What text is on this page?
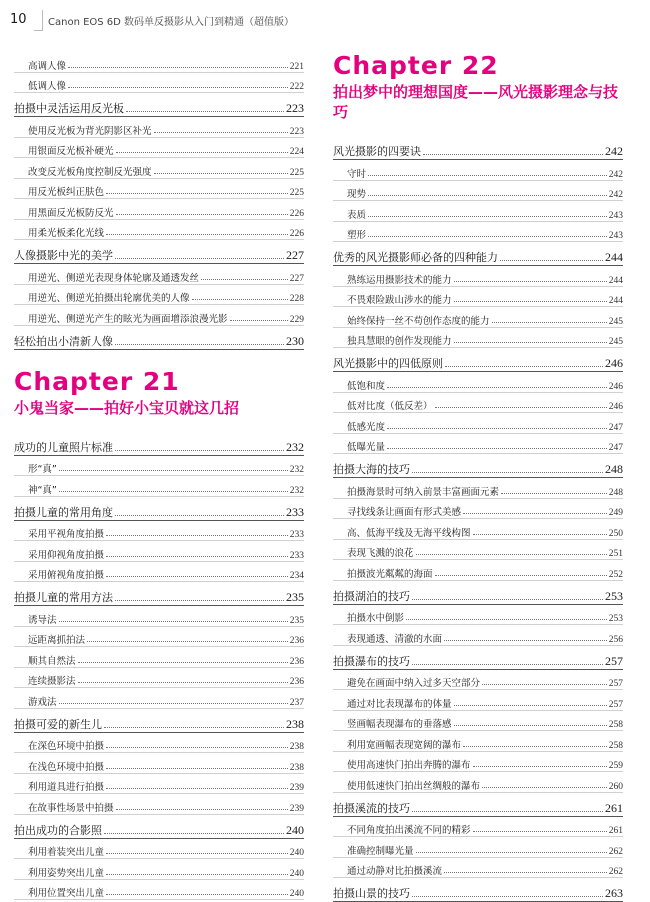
10 Canon EOS 6D 数码单反摄影从入门到精通（超值版）
高调人像	221
低调人像	222
拍摄中灵活运用反光板	223
使用反光板为背光阴影区补光	223
用银面反光板补硬光	224
改变反光板角度控制反光强度	225
用反光板纠正肤色	225
用黑面反光板防反光	226
用柔光板柔化光线	226
人像摄影中光的美学	227
用逆光、侧逆光表现身体轮廓及通透发丝	227
用逆光、侧逆光拍摄出轮廓优美的人像	228
用逆光、侧逆光产生的眩光为画面增添浪漫光影	229
轻松拍出小清新人像	230
Chapter 21
小鬼当家——拍好小宝贝就这几招
成功的儿童照片标准	232
形“真”	232
神“真”	232
拍摄儿童的常用角度	233
采用平视角度拍摄	233
采用仰视角度拍摄	233
采用俯视角度拍摄	234
拍摄儿童的常用方法	235
诱导法	235
远距离抓拍法	236
顺其自然法	236
连续摄影法	236
游戏法	237
拍摄可爱的新生儿	238
在深色环境中拍摄	238
在浅色环境中拍摄	238
利用道具进行拍摄	239
在故事性场景中拍摄	239
拍出成功的合影照	240
利用着装突出儿童	240
利用姿势突出儿童	240
利用位置突出儿童	240
Chapter 22
拍出梦中的理想国度——风光摄影理念与技巧
风光摄影的四要诀	242
守时	242
现势	242
表质	243
塑形	243
优秀的风光摄影师必备的四种能力	244
熟练运用摄影技术的能力	244
不畏艰险跋山涉水的能力	244
始终保持一丝不苟创作态度的能力	245
独具慧眼的创作发现能力	245
风光摄影中的四低原则	246
低饱和度	246
低对比度（低反差）	246
低感光度	247
低曝光量	247
拍摄大海的技巧	248
拍摄海景时可纳入前景丰富画面元素	248
寻找线条让画面有形式美感	249
高、低海平线及无海平线构图	250
表现飞溅的浪花	251
拍摄波光粼粼的海面	252
拍摄湖泊的技巧	253
拍摄水中倒影	253
表现通透、清澈的水面	256
拍摄瀑布的技巧	257
避免在画面中纳入过多天空部分	257
通过对比表现瀑布的体量	257
竖画幅表现瀑布的垂落感	258
利用宽画幅表现宽阔的瀑布	258
使用高速快门拍出奔腾的瀑布	259
使用低速快门拍出丝绸般的瀑布	260
拍摄溪流的技巧	261
不同角度拍出溪流不同的精彩	261
准确控制曝光量	262
通过动静对比拍摄溪流	262
拍摄山景的技巧	263
